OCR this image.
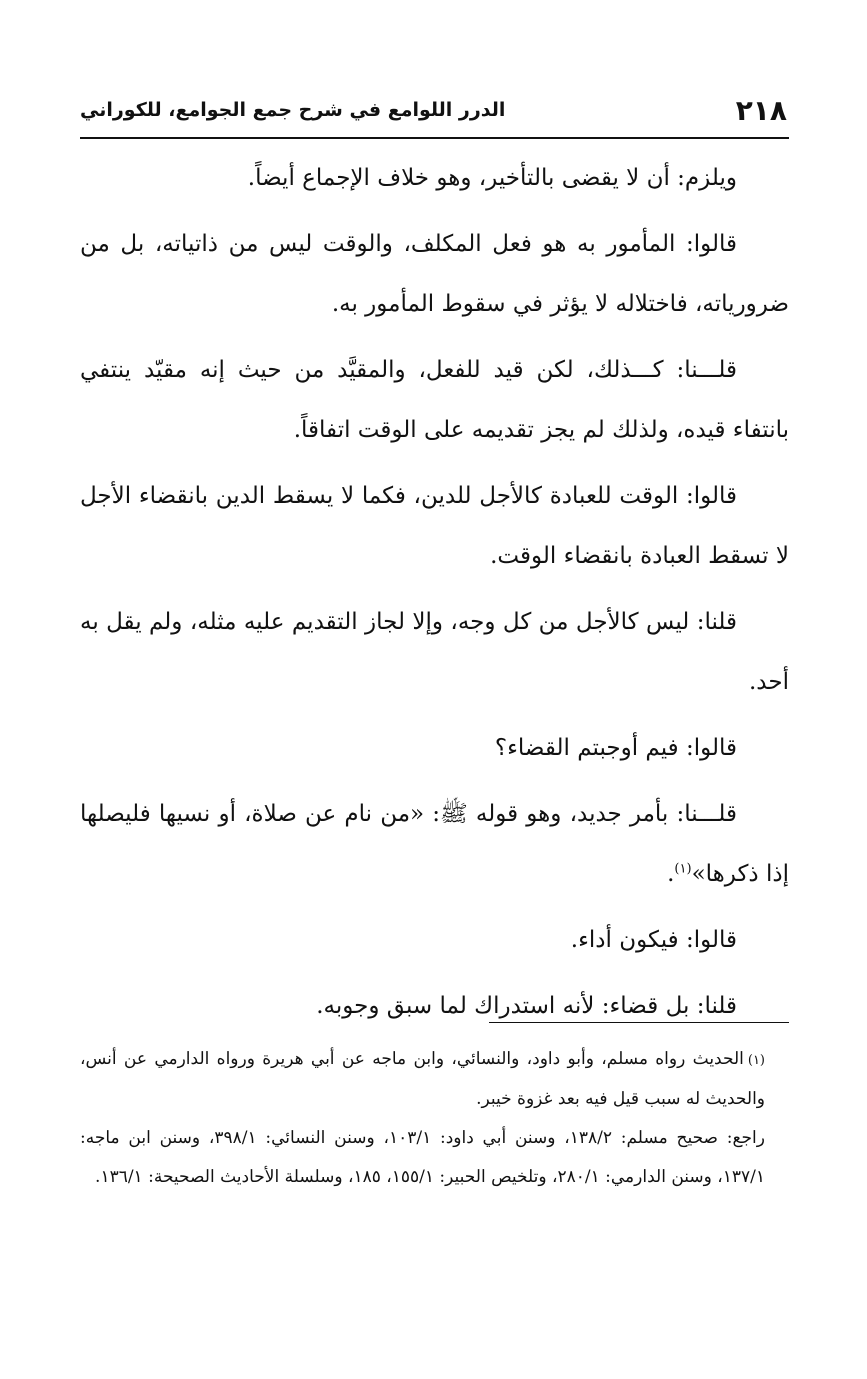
٢١٨
الدرر اللوامع في شرح جمع الجوامع، للكوراني

ويلزم: أن لا يقضى بالتأخير، وهو خلاف الإجماع أيضاً.

قالوا: المأمور به هو فعل المكلف، والوقت ليس من ذاتياته، بل من ضرورياته، فاختلاله لا يؤثر في سقوط المأمور به.

قلـــنا: كـــذلك، لكن قيد للفعل، والمقيَّد من حيث إنه مقيّد ينتفي بانتفاء قيده، ولذلك لم يجز تقديمه على الوقت اتفاقاً.

قالوا: الوقت للعبادة كالأجل للدين، فكما لا يسقط الدين بانقضاء الأجل لا تسقط العبادة بانقضاء الوقت.

قلنا: ليس كالأجل من كل وجه، وإلا لجاز التقديم عليه مثله، ولم يقل به أحد.

قالوا: فيم أوجبتم القضاء؟

قلـــنا: بأمر جديد، وهو قوله ﷺ: «من نام عن صلاة، أو نسيها فليصلها إذا ذكرها»$^{(١)}$.

قالوا: فيكون أداء.

قلنا: بل قضاء: لأنه استدراك لما سبق وجوبه.

(١)الحديث رواه مسلم، وأبو داود، والنسائي، وابن ماجه عن أبي هريرة ورواه الدارمي عن أنس، والحديث له سبب قيل فيه بعد غزوة خيبر.

راجع: صحيح مسلم: ١٣٨/٢، وسنن أبي داود: ١٠٣/١، وسنن النسائي: ٣٩٨/١، وسنن ابن ماجه: ١٣٧/١، وسنن الدارمي: ٢٨٠/١، وتلخيص الحبير: ١٥٥/١، ١٨٥، وسلسلة الأحاديث الصحيحة: ١٣٦/١.
